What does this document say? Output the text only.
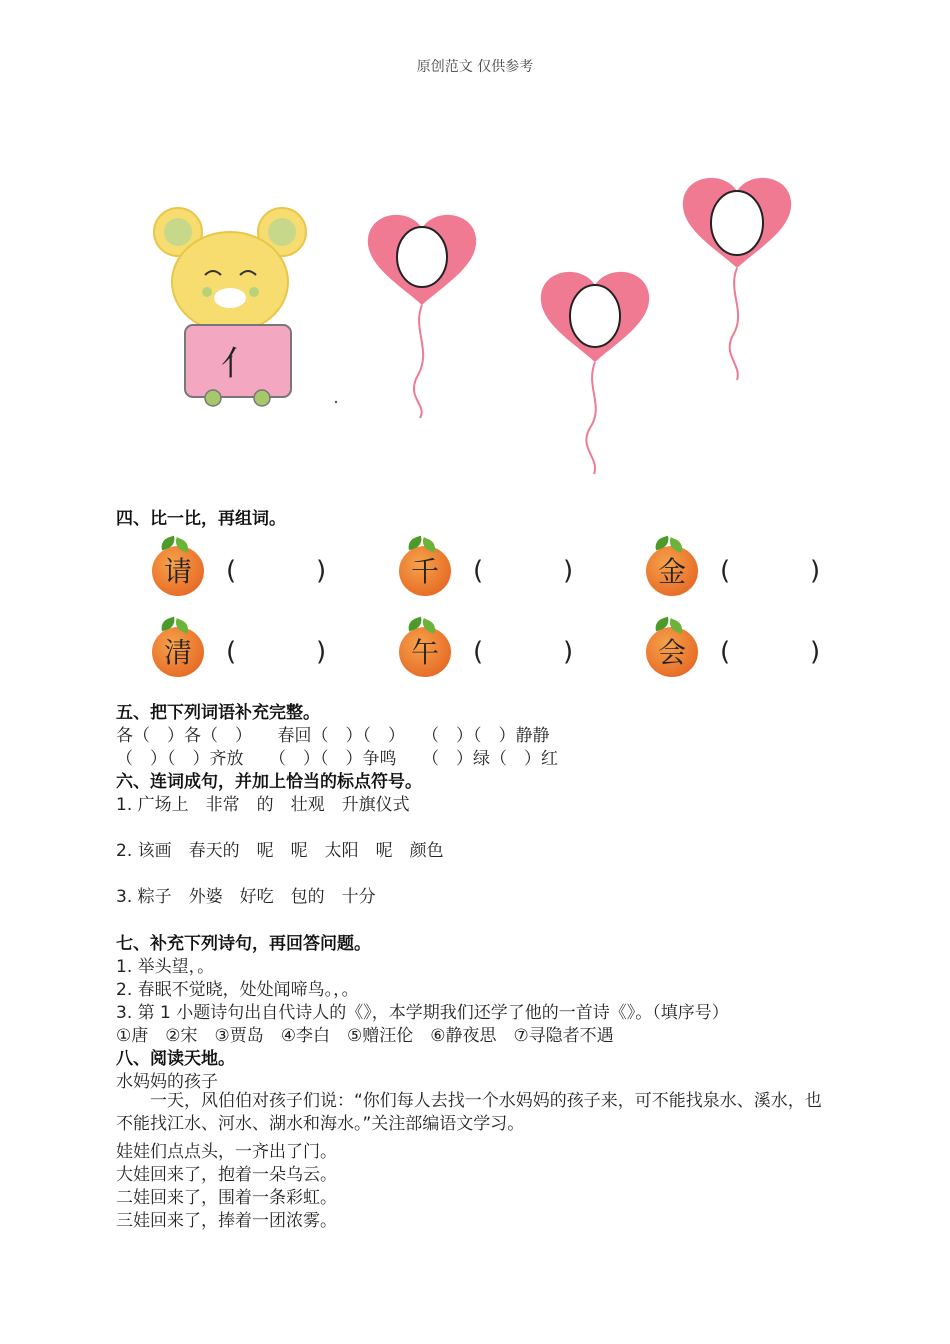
原创范文 仅供参考
亻
四、比一比，再组词。
请	(	)	千	(	)	金	(	)
清	(	)	午	(	)	会	(	)
五、把下列词语补充完整。
各（　）各（　）　　春回（　）（　）　　（　）（　）静静
（　）（　）齐放　　（　）（　）争鸣　　（　）绿（　）红
六、连词成句，并加上恰当的标点符号。
1. 广场上　非常　的　壮观　升旗仪式
2. 该画　春天的　呢　呢　太阳　呢　颜色
3. 粽子　外婆　好吃　包的　十分
七、补充下列诗句，再回答问题。
1. 举头望，。
2. 春眠不觉晓，处处闻啼鸟。，。
3. 第 1 小题诗句出自代诗人的《》，本学期我们还学了他的一首诗《》。（填序号）
①唐　②宋　③贾岛　④李白　⑤赠汪伦　⑥静夜思　⑦寻隐者不遇
八、阅读天地。
水妈妈的孩子
　　一天，风伯伯对孩子们说：“你们每人去找一个水妈妈的孩子来，可不能找泉水、溪水，也不能找江水、河水、湖水和海水。”关注部编语文学习。
娃娃们点点头，一齐出了门。
大娃回来了，抱着一朵乌云。
二娃回来了，围着一条彩虹。
三娃回来了，捧着一团浓雾。
